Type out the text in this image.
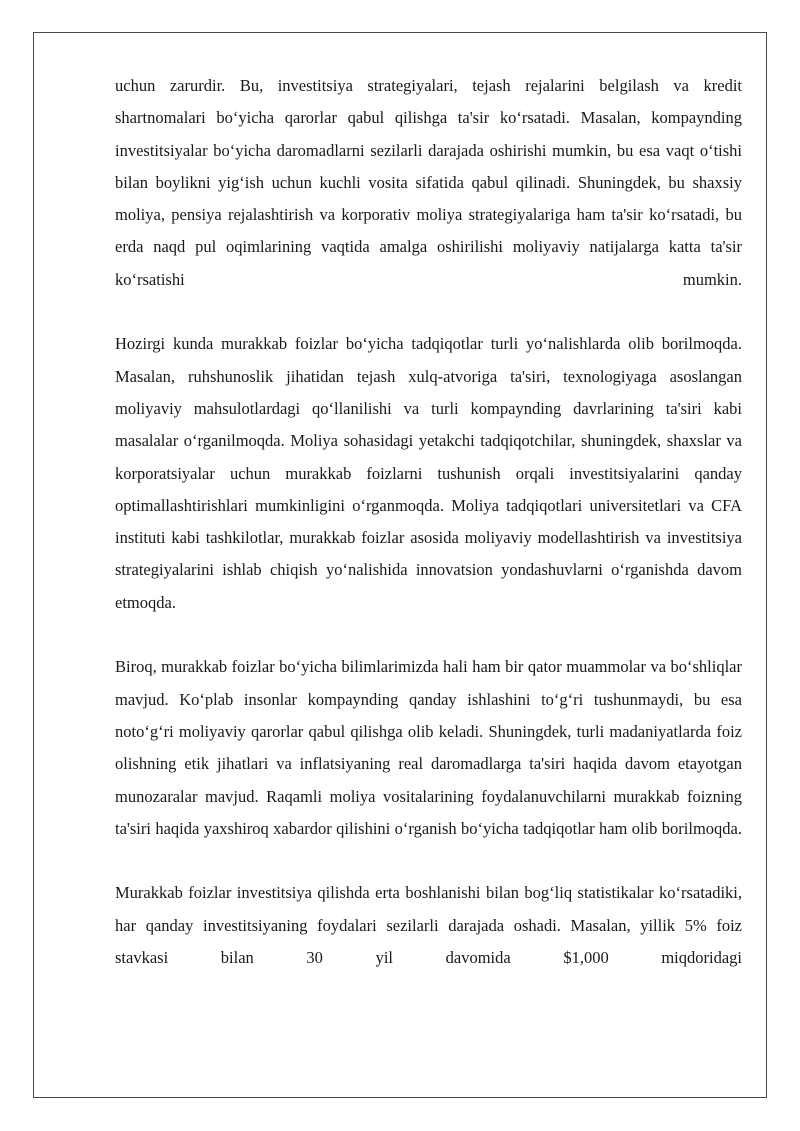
uchun zarurdir. Bu, investitsiya strategiyalari, tejash rejalarini belgilash va kredit shartnomalari bo‘yicha qarorlar qabul qilishga ta'sir ko‘rsatadi. Masalan, kompaynding investitsiyalar bo‘yicha daromadlarni sezilarli darajada oshirishi mumkin, bu esa vaqt o‘tishi bilan boylikni yig‘ish uchun kuchli vosita sifatida qabul qilinadi. Shuningdek, bu shaxsiy moliya, pensiya rejalashtirish va korporativ moliya strategiyalariga ham ta'sir ko‘rsatadi, bu erda naqd pul oqimlarining vaqtida amalga oshirilishi moliyaviy natijalarga katta ta'sir ko‘rsatishi mumkin.

Hozirgi kunda murakkab foizlar bo‘yicha tadqiqotlar turli yo‘nalishlarda olib borilmoqda. Masalan, ruhshunoslik jihatidan tejash xulq-atvoriga ta'siri, texnologiyaga asoslangan moliyaviy mahsulotlardagi qo‘llanilishi va turli kompaynding davrlarining ta'siri kabi masalalar o‘rganilmoqda. Moliya sohasidagi yetakchi tadqiqotchilar, shuningdek, shaxslar va korporatsiyalar uchun murakkab foizlarni tushunish orqali investitsiyalarini qanday optimallashtirishlari mumkinligini o‘rganmoqda. Moliya tadqiqotlari universitetlari va CFA instituti kabi tashkilotlar, murakkab foizlar asosida moliyaviy modellashtirish va investitsiya strategiyalarini ishlab chiqish yo‘nalishida innovatsion yondashuvlarni o‘rganishda davom etmoqda.

Biroq, murakkab foizlar bo‘yicha bilimlarimizda hali ham bir qator muammolar va bo‘shliqlar mavjud. Ko‘plab insonlar kompaynding qanday ishlashini to‘g‘ri tushunmaydi, bu esa noto‘g‘ri moliyaviy qarorlar qabul qilishga olib keladi. Shuningdek, turli madaniyatlarda foiz olishning etik jihatlari va inflatsiyaning real daromadlarga ta'siri haqida davom etayotgan munozaralar mavjud. Raqamli moliya vositalarining foydalanuvchilarni murakkab foizning ta'siri haqida yaxshiroq xabardor qilishini o‘rganish bo‘yicha tadqiqotlar ham olib borilmoqda.

Murakkab foizlar investitsiya qilishda erta boshlanishi bilan bog‘liq statistikalar ko‘rsatadiki, har qanday investitsiyaning foydalari sezilarli darajada oshadi. Masalan, yillik 5% foiz stavkasi bilan 30 yil davomida $1,000 miqdoridagi
